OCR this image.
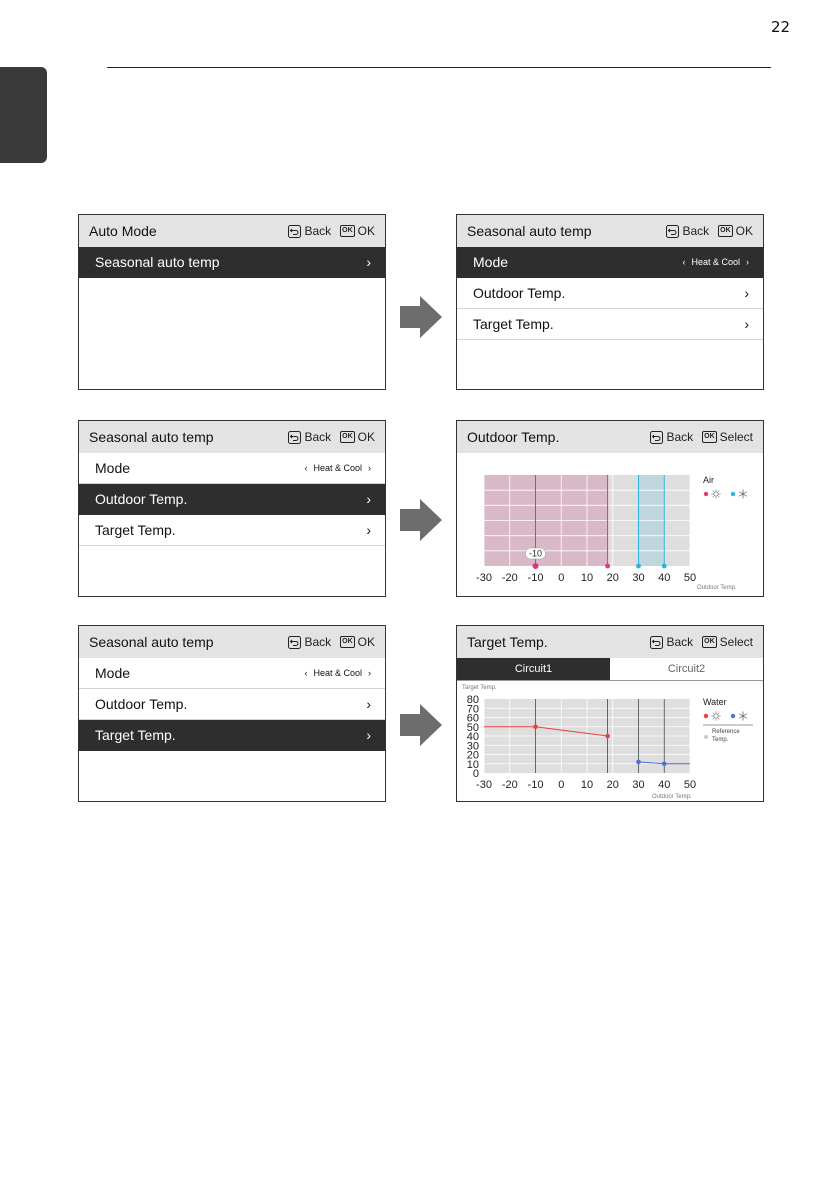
22
Auto Mode	Back OK OK
Seasonal auto temp	›
Seasonal auto temp	Back OK OK
Mode	‹ Heat & Cool ›
Outdoor Temp.	›
Target Temp.	›
Seasonal auto temp	Back OK OK
Mode	‹ Heat & Cool ›
Outdoor Temp.	›
Target Temp.	›
Outdoor Temp.	Back OK Select
-10
-30 -20 -10 0 10 20 30 40 50
Outdoor Temp.
Air
Seasonal auto temp	Back OK OK
Mode	‹ Heat & Cool ›
Outdoor Temp.	›
Target Temp.	›
Target Temp.	Back OK Select
Circuit1	Circuit2
Target Temp.
-30 -20 -10 0 10 20 30 40 50
80
70
60
50
40
30
20
10
0
Outdoor Temp.
Water
Reference Temp.
